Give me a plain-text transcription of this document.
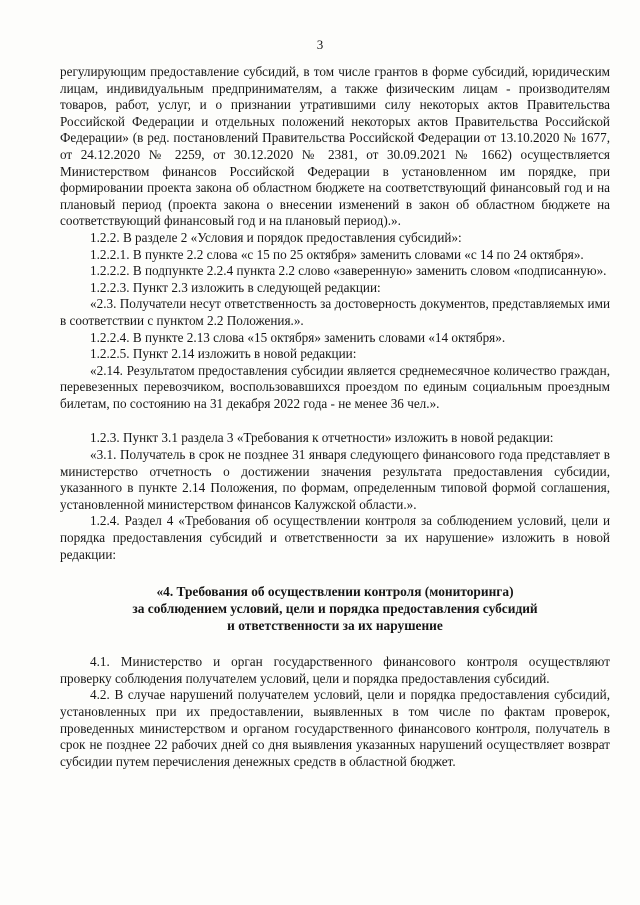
3

регулирующим предоставление субсидий, в том числе грантов в форме субсидий, юридическим лицам, индивидуальным предпринимателям, а также физическим лицам - производителям товаров, работ, услуг, и о признании утратившими силу некоторых актов Правительства Российской Федерации и отдельных положений некоторых актов Правительства Российской Федерации» (в ред. постановлений Правительства Российской Федерации от 13.10.2020 № 1677, от 24.12.2020 № 2259, от 30.12.2020 № 2381, от 30.09.2021 № 1662) осуществляется Министерством финансов Российской Федерации в установленном им порядке, при формировании проекта закона об областном бюджете на соответствующий финансовый год и на плановый период (проекта закона о внесении изменений в закон об областном бюджете на соответствующий финансовый год и на плановый период).».

1.2.2. В разделе 2 «Условия и порядок предоставления субсидий»:

1.2.2.1. В пункте 2.2 слова «с 15 по 25 октября» заменить словами «с 14 по 24 октября».

1.2.2.2. В подпункте 2.2.4 пункта 2.2 слово «заверенную» заменить словом «подписанную».

1.2.2.3. Пункт 2.3 изложить в следующей редакции:

«2.3. Получатели несут ответственность за достоверность документов, представляемых ими в соответствии с пунктом 2.2 Положения.».

1.2.2.4. В пункте 2.13 слова «15 октября» заменить словами «14 октября».

1.2.2.5. Пункт 2.14 изложить в новой редакции:

«2.14. Результатом предоставления субсидии является среднемесячное количество граждан, перевезенных перевозчиком, воспользовавшихся проездом по единым социальным проездным билетам, по состоянию на 31 декабря 2022 года - не менее 36 чел.».

1.2.3. Пункт 3.1 раздела 3 «Требования к отчетности» изложить в новой редакции:

«3.1. Получатель в срок не позднее 31 января следующего финансового года представляет в министерство отчетность о достижении значения результата предоставления субсидии, указанного в пункте 2.14 Положения, по формам, определенным типовой формой соглашения, установленной министерством финансов Калужской области.».

1.2.4. Раздел 4 «Требования об осуществлении контроля за соблюдением условий, цели и порядка предоставления субсидий и ответственности за их нарушение» изложить в новой редакции:

«4. Требования об осуществлении контроля (мониторинга)
за соблюдением условий, цели и порядка предоставления субсидий
и ответственности за их нарушение

4.1. Министерство и орган государственного финансового контроля осуществляют проверку соблюдения получателем условий, цели и порядка предоставления субсидий.

4.2. В случае нарушений получателем условий, цели и порядка предоставления субсидий, установленных при их предоставлении, выявленных в том числе по фактам проверок, проведенных министерством и органом государственного финансового контроля, получатель в срок не позднее 22 рабочих дней со дня выявления указанных нарушений осуществляет возврат субсидии путем перечисления денежных средств в областной бюджет.
